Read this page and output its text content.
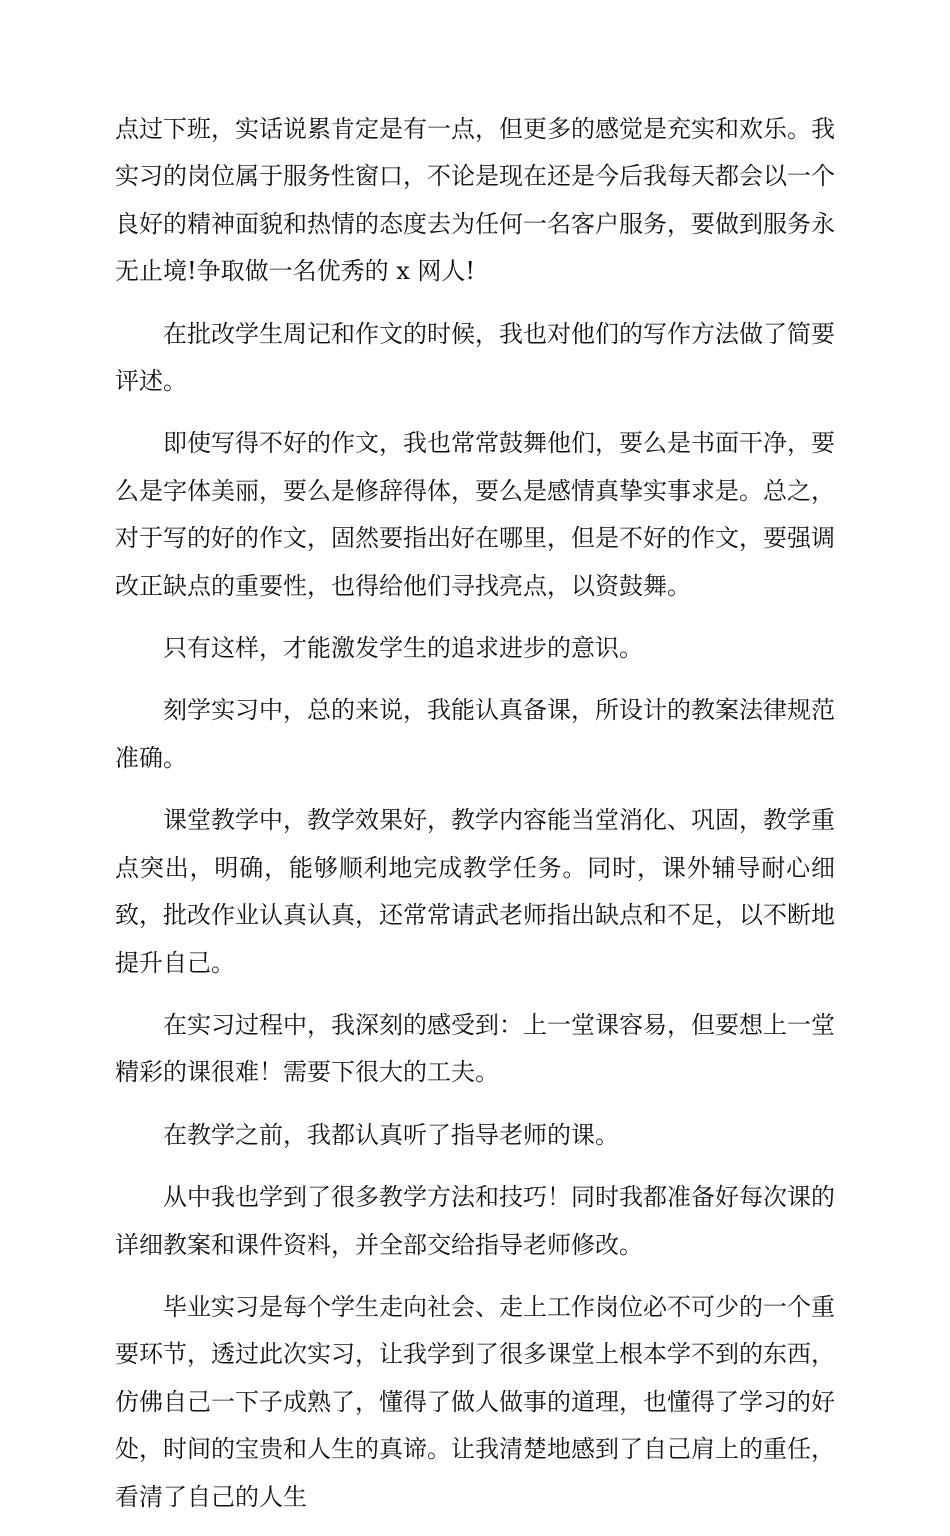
点过下班，实话说累肯定是有一点，但更多的感觉是充实和欢乐。我实习的岗位属于服务性窗口，不论是现在还是今后我每天都会以一个良好的精神面貌和热情的态度去为任何一名客户服务，要做到服务永无止境!争取做一名优秀的 x 网人!

在批改学生周记和作文的时候，我也对他们的写作方法做了简要评述。

即使写得不好的作文，我也常常鼓舞他们，要么是书面干净，要么是字体美丽，要么是修辞得体，要么是感情真挚实事求是。总之，对于写的好的作文，固然要指出好在哪里，但是不好的作文，要强调改正缺点的重要性，也得给他们寻找亮点，以资鼓舞。

只有这样，才能激发学生的追求进步的意识。

刻学实习中，总的来说，我能认真备课，所设计的教案法律规范准确。

课堂教学中，教学效果好，教学内容能当堂消化、巩固，教学重点突出，明确，能够顺利地完成教学任务。同时，课外辅导耐心细致，批改作业认真认真，还常常请武老师指出缺点和不足，以不断地提升自己。

在实习过程中，我深刻的感受到：上一堂课容易，但要想上一堂精彩的课很难！需要下很大的工夫。

在教学之前，我都认真听了指导老师的课。

从中我也学到了很多教学方法和技巧！同时我都准备好每次课的详细教案和课件资料，并全部交给指导老师修改。

毕业实习是每个学生走向社会、走上工作岗位必不可少的一个重要环节，透过此次实习，让我学到了很多课堂上根本学不到的东西，仿佛自己一下子成熟了，懂得了做人做事的道理，也懂得了学习的好处，时间的宝贵和人生的真谛。让我清楚地感到了自己肩上的重任，看清了自己的人生
